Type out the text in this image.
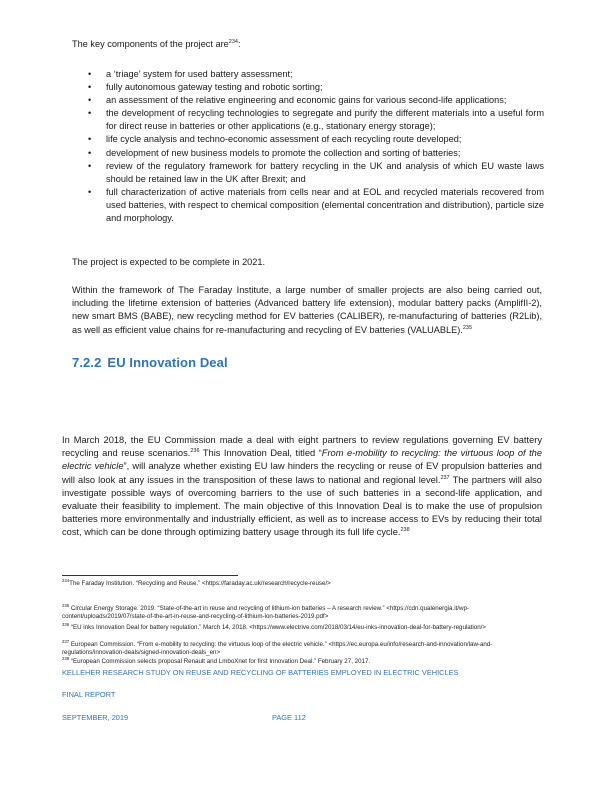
The key components of the project are$^{234}$:
• a ‘triage’ system for used battery assessment;
• fully autonomous gateway testing and robotic sorting;
• an assessment of the relative engineering and economic gains for various second-life applications;
• the development of recycling technologies to segregate and purify the different materials into a useful form for direct reuse in batteries or other applications (e.g., stationary energy storage);
• life cycle analysis and techno-economic assessment of each recycling route developed;
• development of new business models to promote the collection and sorting of batteries;
• review of the regulatory framework for battery recycling in the UK and analysis of which EU waste laws should be retained law in the UK after Brexit; and
• full characterization of active materials from cells near and at EOL and recycled materials recovered from used batteries, with respect to chemical composition (elemental concentration and distribution), particle size and morphology.
The project is expected to be complete in 2021.
Within the framework of The Faraday Institute, a large number of smaller projects are also being carried out, including the lifetime extension of batteries (Advanced battery life extension), modular battery packs (AmplifII-2), new smart BMS (BABE), new recycling method for EV batteries (CALIBER), re-manufacturing of batteries (R2Lib), as well as efficient value chains for re-manufacturing and recycling of EV batteries (VALUABLE).$^{235}$
7.2.2 EU Innovation Deal
In March 2018, the EU Commission made a deal with eight partners to review regulations governing EV battery recycling and reuse scenarios.$^{236}$ This Innovation Deal, titled “From e-mobility to recycling: the virtuous loop of the electric vehicle”, will analyze whether existing EU law hinders the recycling or reuse of EV propulsion batteries and will also look at any issues in the transposition of these laws to national and regional level.$^{237}$ The partners will also investigate possible ways of overcoming barriers to the use of such batteries in a second-life application, and evaluate their feasibility to implement. The main objective of this Innovation Deal is to make the use of propulsion batteries more environmentally and industrially efficient, as well as to increase access to EVs by reducing their total cost, which can be done through optimizing battery usage through its full life cycle.$^{238}$
$^{234}$The Faraday Institution. “Recycling and Reuse.” <https://faraday.ac.uk/research/recycle-reuse/>
$^{235}$ Circular Energy Storage. 2019. “State-of-the-art in reuse and recycling of lithium-ion batteries – A research review.” <https://cdn.qualenergia.it/wp-content/uploads/2019/07/state-of-the-art-in-reuse-and-recycling-of-lithium-ion-batteries-2019.pdf>
$^{236}$ “EU inks Innovation Deal for battery regulation.” March 14, 2018. <https://www.electrive.com/2018/03/14/eu-inks-innovation-deal-for-battery-regulation/>
$^{237}$ European Commission. “From e-mobility to recycling: the virtuous loop of the electric vehicle.” <https://ec.europa.eu/info/research-and-innovation/law-and-regulations/innovation-deals/signed-innovation-deals_en>
$^{238}$ “European Commission selects proposal Renault and LmboXnet for first Innovation Deal.” February 27, 2017.
KELLEHER RESEARCH STUDY ON REUSE AND RECYCLING OF BATTERIES EMPLOYED IN ELECTRIC VEHICLES
FINAL REPORT
SEPTEMBER, 2019	PAGE 112
